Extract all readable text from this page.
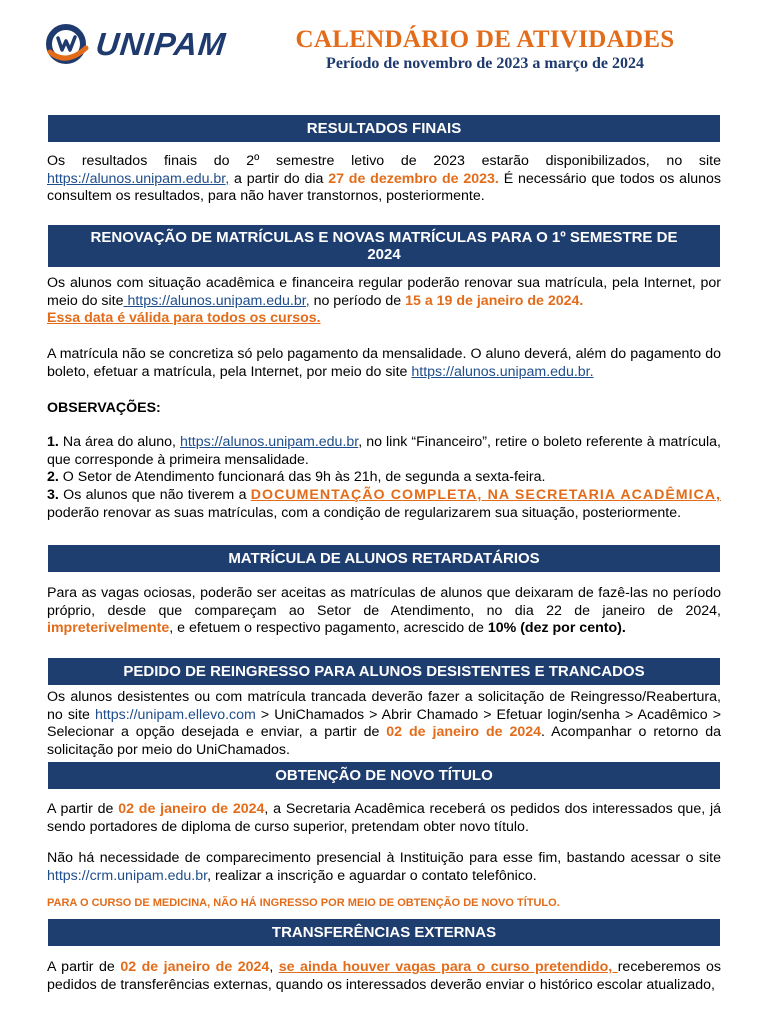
UNIPAM	CALENDÁRIO DE ATIVIDADES
Período de novembro de 2023 a março de 2024
RESULTADOS FINAIS
Os resultados finais do 2º semestre letivo de 2023 estarão disponibilizados, no site https://alunos.unipam.edu.br, a partir do dia 27 de dezembro de 2023. É necessário que todos os alunos consultem os resultados, para não haver transtornos, posteriormente.
RENOVAÇÃO DE MATRÍCULAS E NOVAS MATRÍCULAS PARA O 1º SEMESTRE DE 2024
Os alunos com situação acadêmica e financeira regular poderão renovar sua matrícula, pela Internet, por meio do site https://alunos.unipam.edu.br, no período de 15 a 19 de janeiro de 2024.
Essa data é válida para todos os cursos.
A matrícula não se concretiza só pelo pagamento da mensalidade. O aluno deverá, além do pagamento do boleto, efetuar a matrícula, pela Internet, por meio do site https://alunos.unipam.edu.br.
OBSERVAÇÕES:
1. Na área do aluno, https://alunos.unipam.edu.br, no link “Financeiro”, retire o boleto referente à matrícula, que corresponde à primeira mensalidade.
2. O Setor de Atendimento funcionará das 9h às 21h, de segunda a sexta-feira.
3. Os alunos que não tiverem a DOCUMENTAÇÃO COMPLETA, NA SECRETARIA ACADÊMICA, poderão renovar as suas matrículas, com a condição de regularizarem sua situação, posteriormente.
MATRÍCULA DE ALUNOS RETARDATÁRIOS
Para as vagas ociosas, poderão ser aceitas as matrículas de alunos que deixaram de fazê-las no período próprio, desde que compareçam ao Setor de Atendimento, no dia 22 de janeiro de 2024, impreterivelmente, e efetuem o respectivo pagamento, acrescido de 10% (dez por cento).
PEDIDO DE REINGRESSO PARA ALUNOS DESISTENTES E TRANCADOS
Os alunos desistentes ou com matrícula trancada deverão fazer a solicitação de Reingresso/Reabertura, no site https://unipam.ellevo.com > UniChamados > Abrir Chamado > Efetuar login/senha > Acadêmico > Selecionar a opção desejada e enviar, a partir de 02 de janeiro de 2024. Acompanhar o retorno da solicitação por meio do UniChamados.
OBTENÇÃO DE NOVO TÍTULO
A partir de 02 de janeiro de 2024, a Secretaria Acadêmica receberá os pedidos dos interessados que, já sendo portadores de diploma de curso superior, pretendam obter novo título.
Não há necessidade de comparecimento presencial à Instituição para esse fim, bastando acessar o site https://crm.unipam.edu.br, realizar a inscrição e aguardar o contato telefônico.
PARA O CURSO DE MEDICINA, NÃO HÁ INGRESSO POR MEIO DE OBTENÇÃO DE NOVO TÍTULO.
TRANSFERÊNCIAS EXTERNAS
A partir de 02 de janeiro de 2024, se ainda houver vagas para o curso pretendido, receberemos os pedidos de transferências externas, quando os interessados deverão enviar o histórico escolar atualizado,
